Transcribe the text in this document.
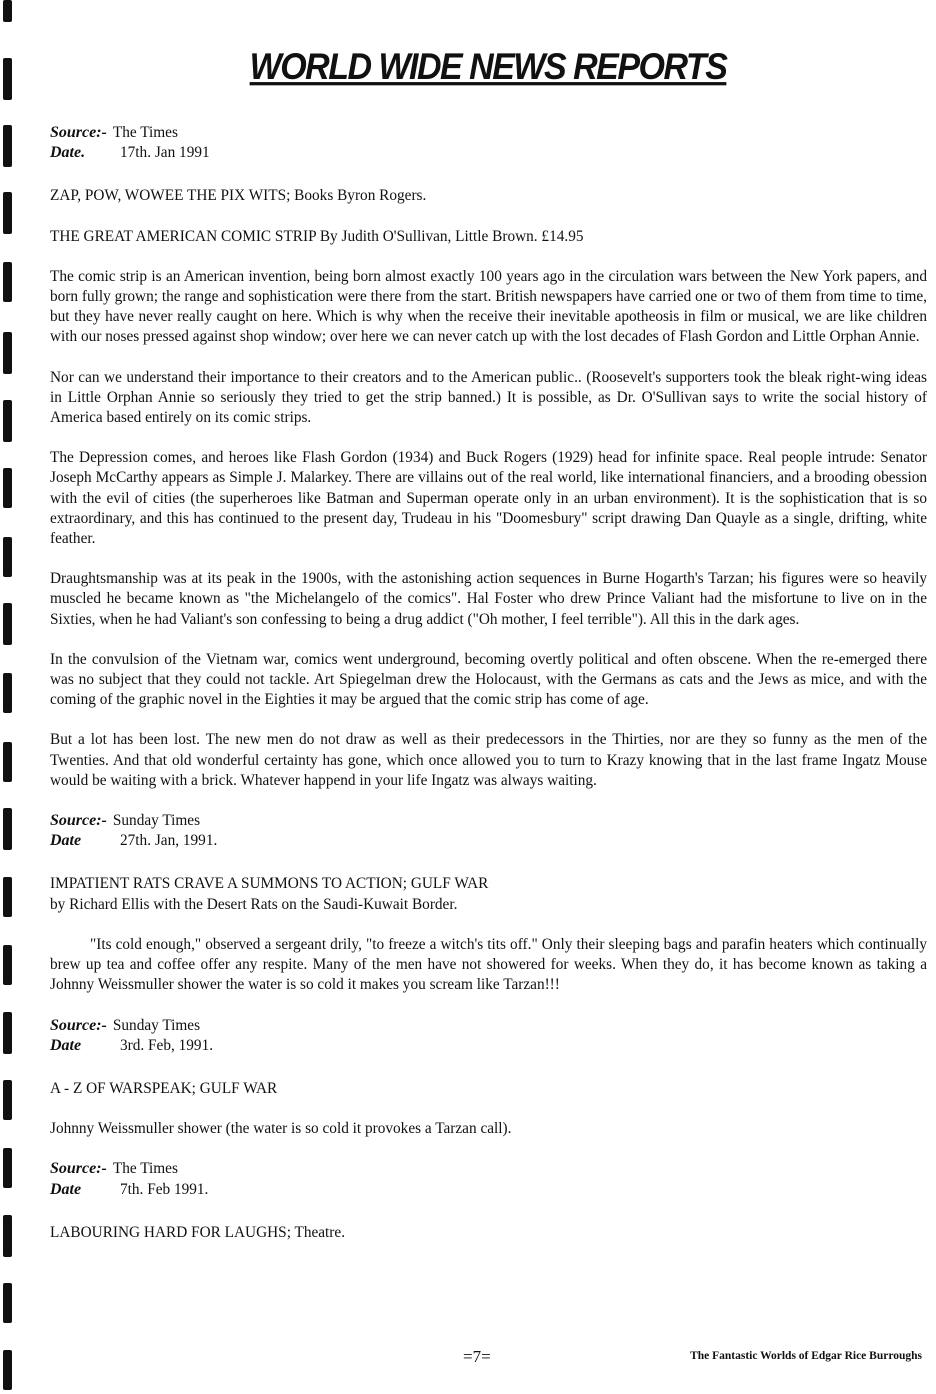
WORLD WIDE NEWS REPORTS
Source:- The Times
Date. 17th. Jan 1991
ZAP, POW, WOWEE THE PIX WITS; Books Byron Rogers.
THE GREAT AMERICAN COMIC STRIP By Judith O'Sullivan, Little Brown. £14.95

The comic strip is an American invention, being born almost exactly 100 years ago in the circulation wars between the New York papers, and born fully grown; the range and sophistication were there from the start. British newspapers have carried one or two of them from time to time, but they have never really caught on here. Which is why when the receive their inevitable apotheosis in film or musical, we are like children with our noses pressed against shop window; over here we can never catch up with the lost decades of Flash Gordon and Little Orphan Annie.

Nor can we understand their importance to their creators and to the American public.. (Roosevelt's supporters took the bleak right-wing ideas in Little Orphan Annie so seriously they tried to get the strip banned.) It is possible, as Dr. O'Sullivan says to write the social history of America based entirely on its comic strips.

The Depression comes, and heroes like Flash Gordon (1934) and Buck Rogers (1929) head for infinite space. Real people intrude: Senator Joseph McCarthy appears as Simple J. Malarkey. There are villains out of the real world, like international financiers, and a brooding obession with the evil of cities (the superheroes like Batman and Superman operate only in an urban environment). It is the sophistication that is so extraordinary, and this has continued to the present day, Trudeau in his "Doomesbury" script drawing Dan Quayle as a single, drifting, white feather.

Draughtsmanship was at its peak in the 1900s, with the astonishing action sequences in Burne Hogarth's Tarzan; his figures were so heavily muscled he became known as "the Michelangelo of the comics". Hal Foster who drew Prince Valiant had the misfortune to live on in the Sixties, when he had Valiant's son confessing to being a drug addict ("Oh mother, I feel terrible"). All this in the dark ages.

In the convulsion of the Vietnam war, comics went underground, becoming overtly political and often obscene. When the re-emerged there was no subject that they could not tackle. Art Spiegelman drew the Holocaust, with the Germans as cats and the Jews as mice, and with the coming of the graphic novel in the Eighties it may be argued that the comic strip has come of age.

But a lot has been lost. The new men do not draw as well as their predecessors in the Thirties, nor are they so funny as the men of the Twenties. And that old wonderful certainty has gone, which once allowed you to turn to Krazy knowing that in the last frame Ingatz Mouse would be waiting with a brick. Whatever happend in your life Ingatz was always waiting.

Source:- Sunday Times
Date	27th. Jan, 1991.
IMPATIENT RATS CRAVE A SUMMONS TO ACTION; GULF WAR
by Richard Ellis with the Desert Rats on the Saudi-Kuwait Border.

"Its cold enough," observed a sergeant drily, "to freeze a witch's tits off." Only their sleeping bags and parafin heaters which continually brew up tea and coffee offer any respite. Many of the men have not showered for weeks. When they do, it has become known as taking a Johnny Weissmuller shower the water is so cold it makes you scream like Tarzan!!!

Source:- Sunday Times
Date	3rd. Feb, 1991.
A - Z OF WARSPEAK; GULF WAR

Johnny Weissmuller shower (the water is so cold it provokes a Tarzan call).

Source:- The Times
Date	7th. Feb 1991.
LABOURING HARD FOR LAUGHS; Theatre.
=7=	The Fantastic Worlds of Edgar Rice Burroughs
